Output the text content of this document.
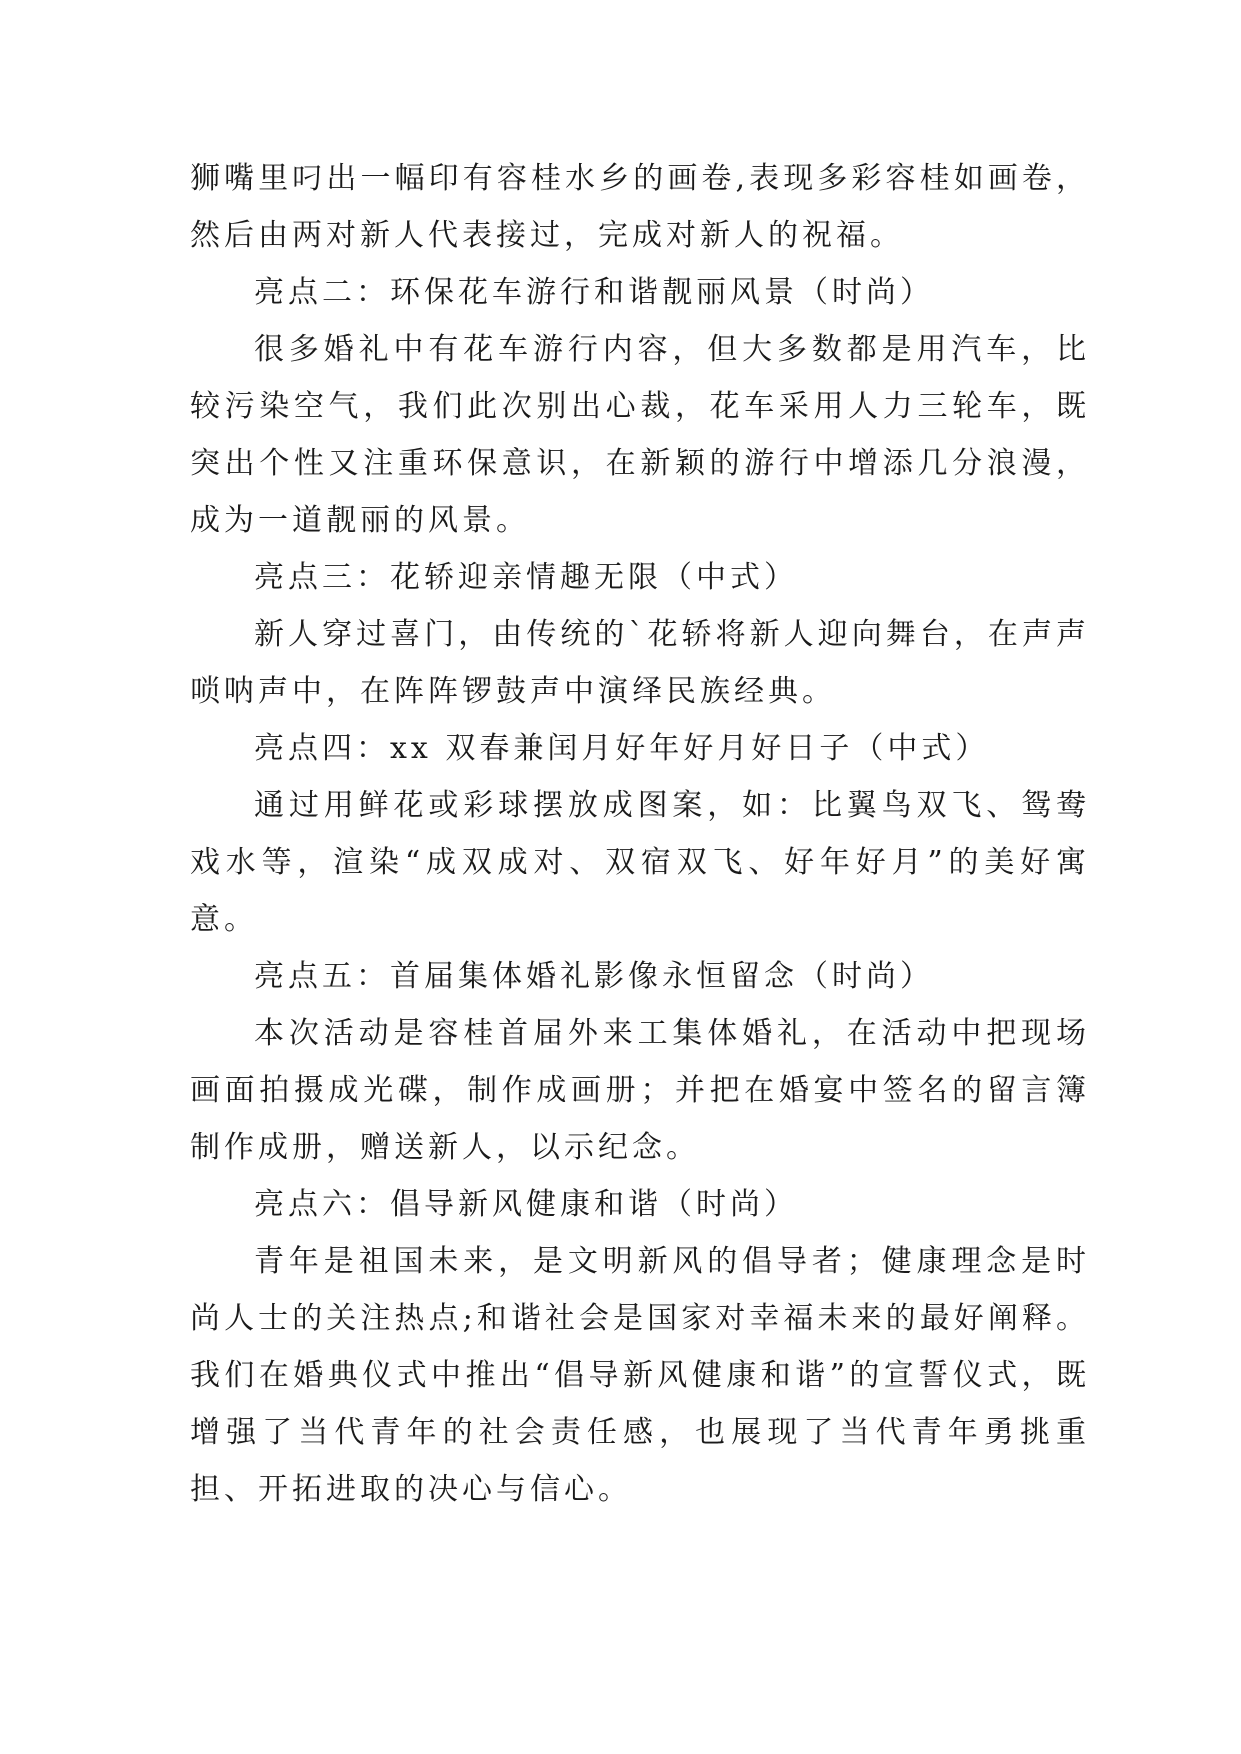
狮嘴里叼出一幅印有容桂水乡的画卷,表现多彩容桂如画卷，然后由两对新人代表接过，完成对新人的祝福。

亮点二：环保花车游行和谐靓丽风景（时尚）

很多婚礼中有花车游行内容，但大多数都是用汽车，比较污染空气，我们此次别出心裁，花车采用人力三轮车，既突出个性又注重环保意识，在新颖的游行中增添几分浪漫，成为一道靓丽的风景。

亮点三：花轿迎亲情趣无限（中式）

新人穿过喜门，由传统的`花轿将新人迎向舞台，在声声唢呐声中，在阵阵锣鼓声中演绎民族经典。

亮点四：xx 双春兼闰月好年好月好日子（中式）

通过用鲜花或彩球摆放成图案，如：比翼鸟双飞、鸳鸯戏水等，渲染“成双成对、双宿双飞、好年好月”的美好寓意。

亮点五：首届集体婚礼影像永恒留念（时尚）

本次活动是容桂首届外来工集体婚礼，在活动中把现场画面拍摄成光碟，制作成画册；并把在婚宴中签名的留言簿制作成册，赠送新人，以示纪念。

亮点六：倡导新风健康和谐（时尚）

青年是祖国未来，是文明新风的倡导者；健康理念是时尚人士的关注热点;和谐社会是国家对幸福未来的最好阐释。我们在婚典仪式中推出“倡导新风健康和谐”的宣誓仪式，既增强了当代青年的社会责任感，也展现了当代青年勇挑重担、开拓进取的决心与信心。
